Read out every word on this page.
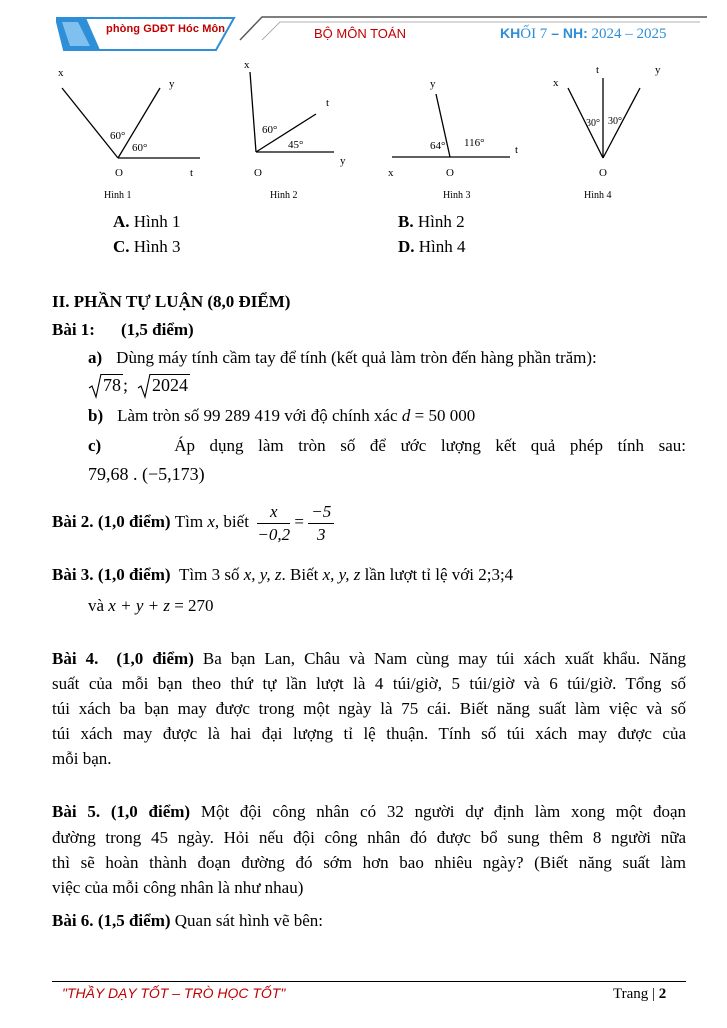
phòng GDĐT Hóc Môn	BỘ MÔN TOÁN	KHỐI 7 – NH: 2024 – 2025
x
y
60°
60°
O	t
Hình 1
x
t
y
60°
45°
O
Hình 2
y
64° 116°
t
x	O
Hình 3
x
t	y
30° 30°
O
Hình 4
A. Hình 1	B. Hình 2
C. Hình 3	D. Hình 4
II. PHẦN TỰ LUẬN (8,0 ĐIỂM)
Bài 1: (1,5 điểm)
a) Dùng máy tính cầm tay để tính (kết quả làm tròn đến hàng phần trăm):
78 ; 2024
b) Làm tròn số 99 289 419 với độ chính xác d = 50 000
c)	Áp dụng làm tròn số để ước lượng kết quả phép tính sau:
79,68 . (−5,173)
Bài 2. (1,0 điểm) Tìm x, biết $\frac{x}{-0,2} = \frac{-5}{3}$
Bài 3. (1,0 điểm) Tìm 3 số x, y, z. Biết x, y, z lần lượt tỉ lệ với 2;3;4
và x + y + z = 270
Bài 4. (1,0 điểm) Ba bạn Lan, Châu và Nam cùng may túi xách xuất khẩu. Năng
suất của mỗi bạn theo thứ tự lần lượt là 4 túi/giờ, 5 túi/giờ và 6 túi/giờ. Tổng số
túi xách ba bạn may được trong một ngày là 75 cái. Biết năng suất làm việc và số
túi xách may được là hai đại lượng tỉ lệ thuận. Tính số túi xách may được của
mỗi bạn.
Bài 5. (1,0 điểm) Một đội công nhân có 32 người dự định làm xong một đoạn
đường trong 45 ngày. Hỏi nếu đội công nhân đó được bổ sung thêm 8 người nữa
thì sẽ hoàn thành đoạn đường đó sớm hơn bao nhiêu ngày? (Biết năng suất làm
việc của mỗi công nhân là như nhau)
Bài 6. (1,5 điểm) Quan sát hình vẽ bên:
"THẦY DẠY TỐT – TRÒ HỌC TỐT"	Trang | 2
